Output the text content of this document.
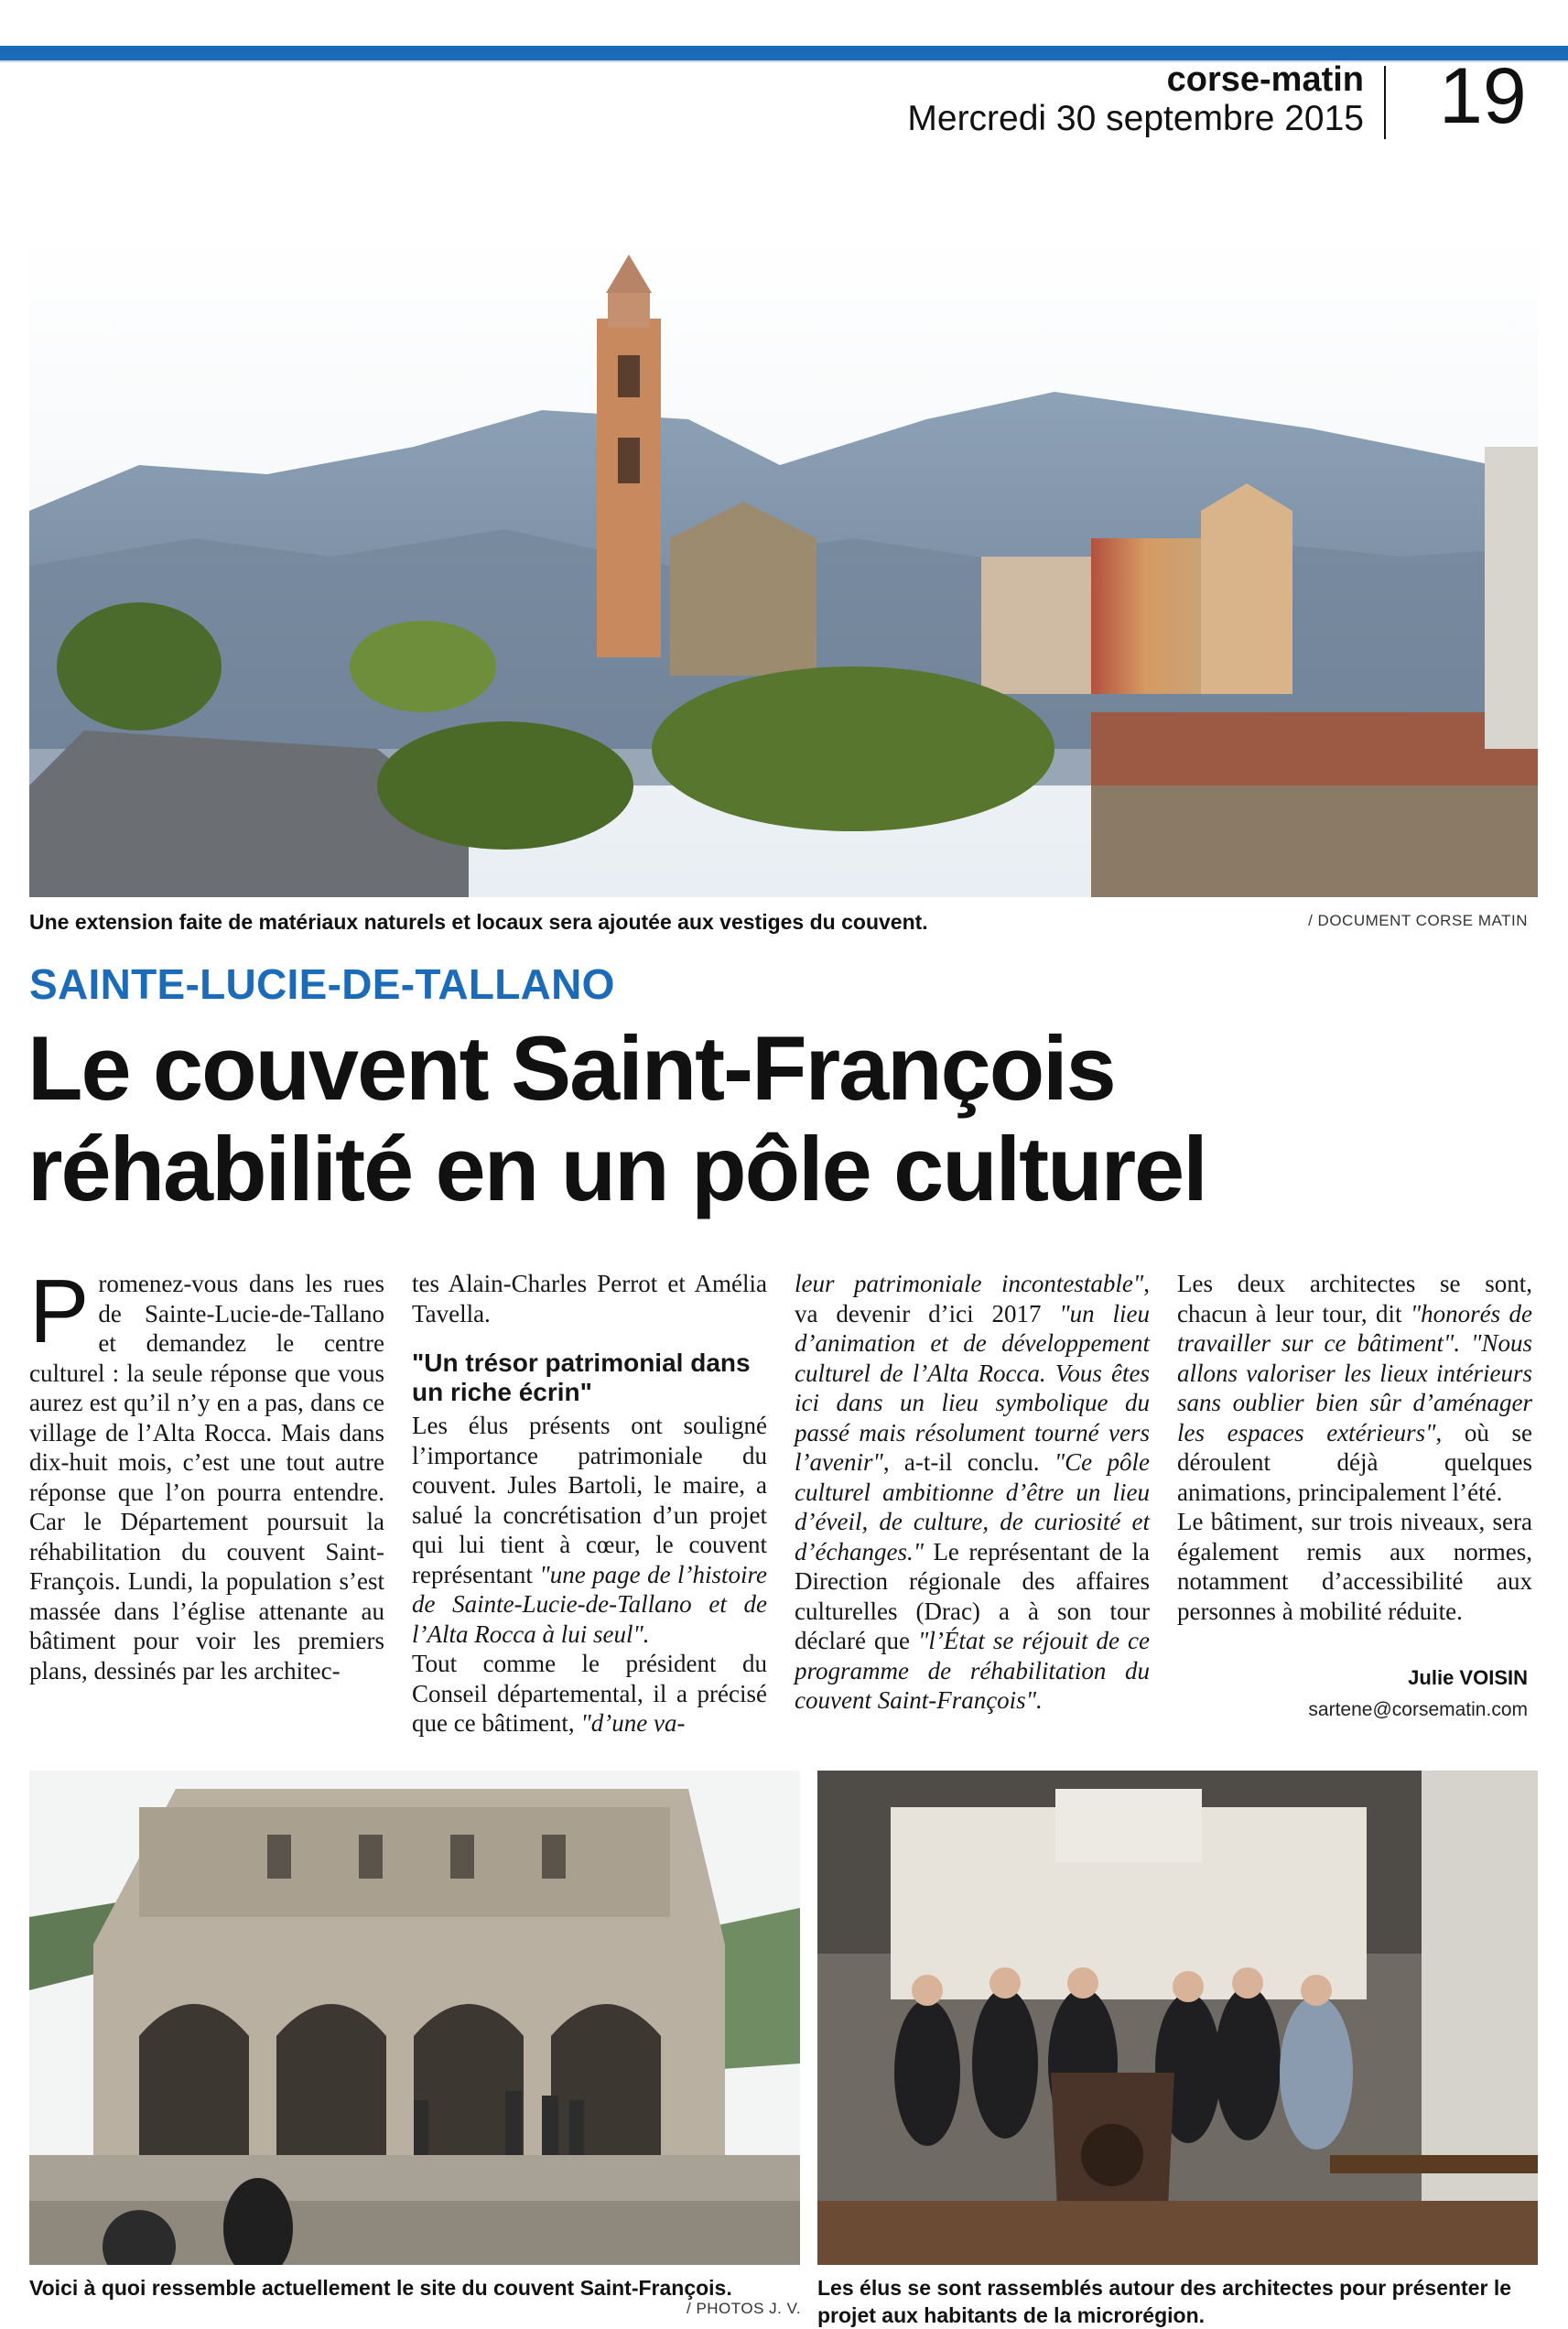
corse-matin
Mercredi 30 septembre 2015 19
Une extension faite de matériaux naturels et locaux sera ajoutée aux vestiges du couvent.	/ DOCUMENT CORSE MATIN
SAINTE-LUCIE-DE-TALLANO
Le couvent Saint-François
réhabilité en un pôle culturel
P romenez-vous dans les rues de Sainte-Lucie-de-Tallano et demandez le centre culturel : la seule réponse que vous aurez est qu’il n’y en a pas, dans ce village de l’Alta Rocca. Mais dans dix-huit mois, c’est une tout autre réponse que l’on pourra entendre. Car le Département poursuit la réhabilitation du couvent Saint-François. Lundi, la population s’est massée dans l’église attenante au bâtiment pour voir les premiers plans, dessinés par les architec-

tes Alain-Charles Perrot et Amélia Tavella.

"Un trésor patrimonial dans un riche écrin"

Les élus présents ont souligné l’importance patrimoniale du couvent. Jules Bartoli, le maire, a salué la concrétisation d’un projet qui lui tient à cœur, le couvent représentant "une page de l’histoire de Sainte-Lucie-de-Tallano et de l’Alta Rocca à lui seul".

Tout comme le président du Conseil départemental, il a précisé que ce bâtiment, "d’une va-

leur patrimoniale incontestable", va devenir d’ici 2017 "un lieu d’animation et de développement culturel de l’Alta Rocca. Vous êtes ici dans un lieu symbolique du passé mais résolument tourné vers l’avenir", a-t-il conclu. "Ce pôle culturel ambitionne d’être un lieu d’éveil, de culture, de curiosité et d’échanges." Le représentant de la Direction régionale des affaires culturelles (Drac) a à son tour déclaré que "l’État se réjouit de ce programme de réhabilitation du couvent Saint-François".

Les deux architectes se sont, chacun à leur tour, dit "honorés de travailler sur ce bâtiment". "Nous allons valoriser les lieux intérieurs sans oublier bien sûr d’aménager les espaces extérieurs", où se déroulent déjà quelques animations, principalement l’été.

Le bâtiment, sur trois niveaux, sera également remis aux normes, notamment d’accessibilité aux personnes à mobilité réduite.

Julie VOISIN
sartene@corsematin.com
Voici à quoi ressemble actuellement le site du couvent Saint-François.
/ PHOTOS J. V.
Les élus se sont rassemblés autour des architectes pour présenter le
projet aux habitants de la microrégion.
